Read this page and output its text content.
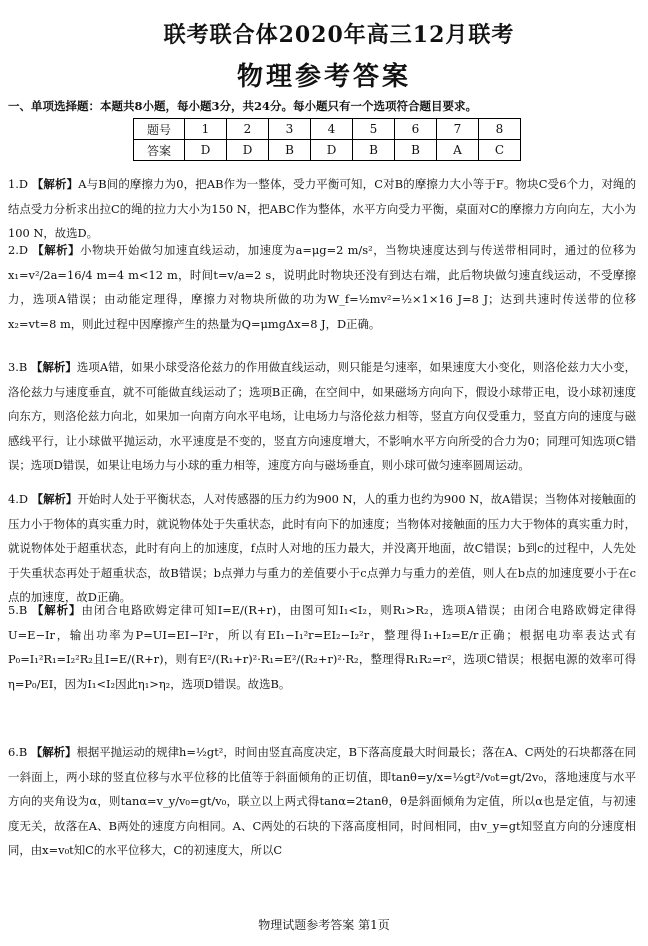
联考联合体2020年高三12月联考
物理参考答案
一、单项选择题：本题共8小题，每小题3分，共24分。每小题只有一个选项符合题目要求。
题号	1	2	3	4	5	6	7	8
答案	D	D	B	D	B	B	A	C

1.D 【解析】A与B间的摩擦力为0，把AB作为一整体，受力平衡可知，C对B的摩擦力大小等于F。物块C受6个力，对绳的结点受力分析求出拉C的绳的拉力大小为150 N，把ABC作为整体，水平方向受力平衡，桌面对C的摩擦力方向向左，大小为100 N，故选D。

2.D 【解析】小物块开始做匀加速直线运动，加速度为a=μg=2 m/s²，当物块速度达到与传送带相同时，通过的位移为x₁=v²/2a=16/4 m=4 m<12 m，时间t=v/a=2 s，说明此时物块还没有到达右端，此后物块做匀速直线运动，不受摩擦力，选项A错误；由动能定理得，摩擦力对物块所做的功为W_f=½mv²=½×1×16 J=8 J；达到共速时传送带的位移x₂=vt=8 m，则此过程中因摩擦产生的热量为Q=μmgΔx=8 J，D正确。

3.B 【解析】选项A错，如果小球受洛伦兹力的作用做直线运动，则只能是匀速率，如果速度大小变化，则洛伦兹力大小变，洛伦兹力与速度垂直，就不可能做直线运动了；选项B正确，在空间中，如果磁场方向向下，假设小球带正电，设小球初速度向东方，则洛伦兹力向北，如果加一向南方向水平电场，让电场力与洛伦兹力相等，竖直方向仅受重力，竖直方向的速度与磁感线平行，让小球做平抛运动，水平速度是不变的，竖直方向速度增大，不影响水平方向所受的合力为0；同理可知选项C错误；选项D错误，如果让电场力与小球的重力相等，速度方向与磁场垂直，则小球可做匀速率圆周运动。

4.D 【解析】开始时人处于平衡状态，人对传感器的压力约为900 N，人的重力也约为900 N，故A错误；当物体对接触面的压力小于物体的真实重力时，就说物体处于失重状态，此时有向下的加速度；当物体对接触面的压力大于物体的真实重力时，就说物体处于超重状态，此时有向上的加速度，f点时人对地的压力最大，并没离开地面，故C错误；b到c的过程中，人先处于失重状态再处于超重状态，故B错误；b点弹力与重力的差值要小于c点弹力与重力的差值，则人在b点的加速度要小于在c点的加速度，故D正确。

5.B 【解析】由闭合电路欧姆定律可知I=E/(R+r)，由图可知I₁<I₂，则R₁>R₂，选项A错误；由闭合电路欧姆定律得U=E−Ir，输出功率为P=UI=EI−I²r，所以有EI₁−I₁²r=EI₂−I₂²r，整理得I₁+I₂=E/r正确；根据电功率表达式有P₀=I₁²R₁=I₂²R₂且I=E/(R+r)，则有E²/(R₁+r)²·R₁=E²/(R₂+r)²·R₂，整理得R₁R₂=r²，选项C错误；根据电源的效率可得η=P₀/EI，因为I₁<I₂因此η₁>η₂，选项D错误。故选B。

6.B 【解析】根据平抛运动的规律h=½gt²，时间由竖直高度决定，B下落高度最大时间最长；落在A、C两处的石块都落在同一斜面上，两小球的竖直位移与水平位移的比值等于斜面倾角的正切值，即tanθ=y/x=½gt²/v₀t=gt/2v₀，落地速度与水平方向的夹角设为α，则tanα=v_y/v₀=gt/v₀，联立以上两式得tanα=2tanθ，θ是斜面倾角为定值，所以α也是定值，与初速度无关，故落在A、B两处的速度方向相同。A、C两处的石块的下落高度相同，时间相同，由v_y=gt知竖直方向的分速度相同，由x=v₀t知C的水平位移大，C的初速度大，所以C

物理试题参考答案 第1页
